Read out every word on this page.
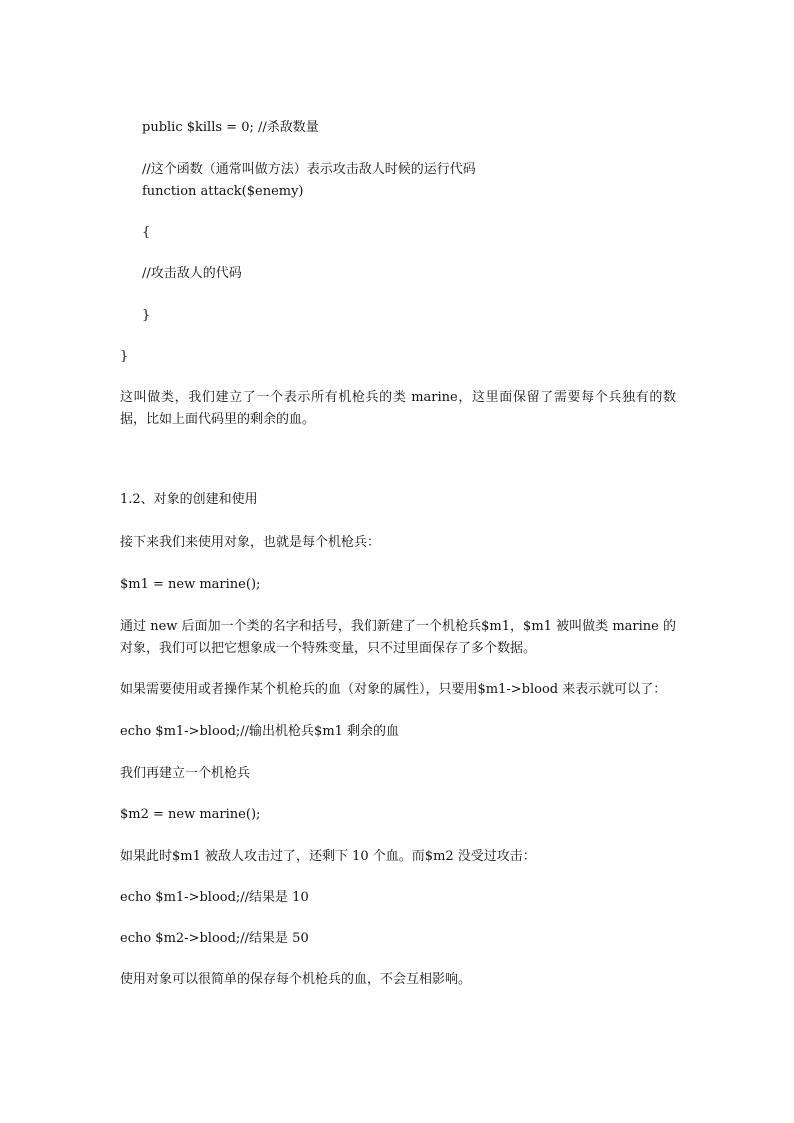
public $kills = 0; //杀敌数量
//这个函数（通常叫做方法）表示攻击敌人时候的运行代码
function attack($enemy)
{
//攻击敌人的代码
}
}
这叫做类，我们建立了一个表示所有机枪兵的类 marine，这里面保留了需要每个兵独有的数据，比如上面代码里的剩余的血。
1.2、对象的创建和使用
接下来我们来使用对象，也就是每个机枪兵：
$m1 = new marine();
通过 new 后面加一个类的名字和括号，我们新建了一个机枪兵$m1，$m1 被叫做类 marine 的对象，我们可以把它想象成一个特殊变量，只不过里面保存了多个数据。
如果需要使用或者操作某个机枪兵的血（对象的属性），只要用$m1->blood 来表示就可以了：
echo $m1->blood;//输出机枪兵$m1 剩余的血
我们再建立一个机枪兵
$m2 = new marine();
如果此时$m1 被敌人攻击过了，还剩下 10 个血。而$m2 没受过攻击：
echo $m1->blood;//结果是 10
echo $m2->blood;//结果是 50
使用对象可以很简单的保存每个机枪兵的血，不会互相影响。
